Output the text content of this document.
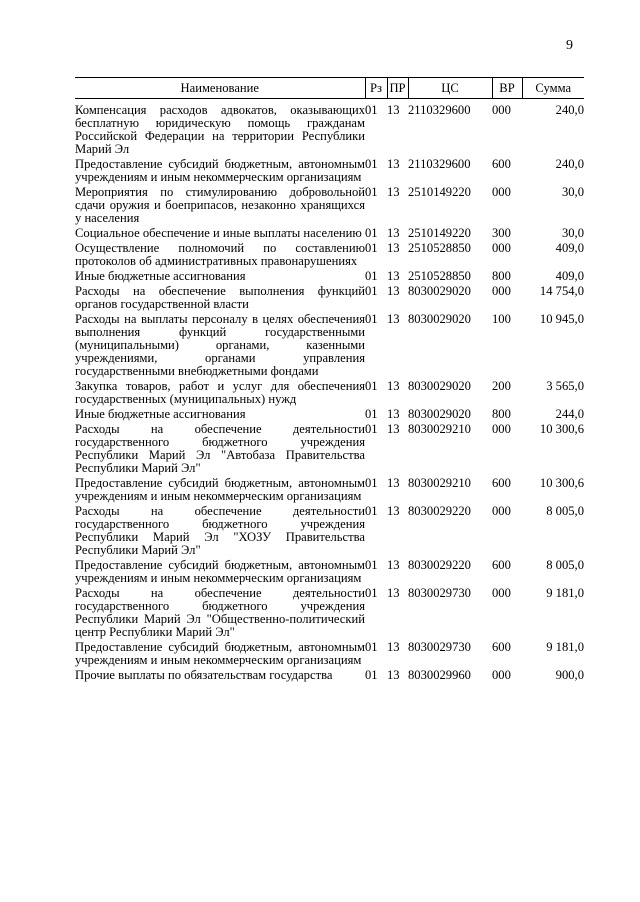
9
Наименование	Рз	ПР	ЦС	ВР	Сумма
Компенсация расходов адвокатов, оказывающих бесплатную юридическую помощь гражданам Российской Федерации на территории Республики Марий Эл	01	13	2110329600	000	240,0
Предоставление субсидий бюджетным, автономным учреждениям и иным некоммерческим организациям	01	13	2110329600	600	240,0
Мероприятия по стимулированию добровольной сдачи оружия и боеприпасов, незаконно хранящихся у населения	01	13	2510149220	000	30,0
Социальное обеспечение и иные выплаты населению	01	13	2510149220	300	30,0
Осуществление полномочий по составлению протоколов об административных правонарушениях	01	13	2510528850	000	409,0
Иные бюджетные ассигнования	01	13	2510528850	800	409,0
Расходы на обеспечение выполнения функций органов государственной власти	01	13	8030029020	000	14 754,0
Расходы на выплаты персоналу в целях обеспечения выполнения функций государственными (муниципальными) органами, казенными учреждениями, органами управления государственными внебюджетными фондами	01	13	8030029020	100	10 945,0
Закупка товаров, работ и услуг для обеспечения государственных (муниципальных) нужд	01	13	8030029020	200	3 565,0
Иные бюджетные ассигнования	01	13	8030029020	800	244,0
Расходы на обеспечение деятельности государственного бюджетного учреждения Республики Марий Эл "Автобаза Правительства Республики Марий Эл"	01	13	8030029210	000	10 300,6
Предоставление субсидий бюджетным, автономным учреждениям и иным некоммерческим организациям	01	13	8030029210	600	10 300,6
Расходы на обеспечение деятельности государственного бюджетного учреждения Республики Марий Эл "ХОЗУ Правительства Республики Марий Эл"	01	13	8030029220	000	8 005,0
Предоставление субсидий бюджетным, автономным учреждениям и иным некоммерческим организациям	01	13	8030029220	600	8 005,0
Расходы на обеспечение деятельности государственного бюджетного учреждения Республики Марий Эл "Общественно-политический центр Республики Марий Эл"	01	13	8030029730	000	9 181,0
Предоставление субсидий бюджетным, автономным учреждениям и иным некоммерческим организациям	01	13	8030029730	600	9 181,0
Прочие выплаты по обязательствам государства	01	13	8030029960	000	900,0
